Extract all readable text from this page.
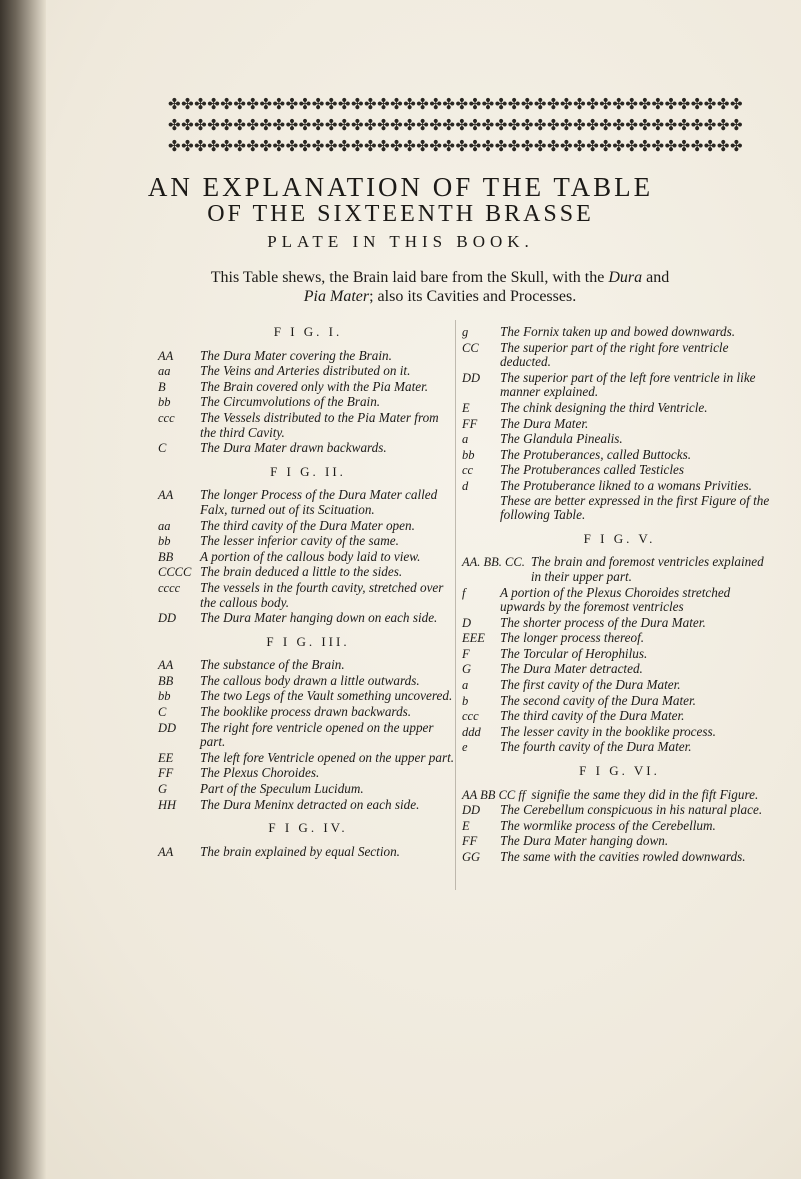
✤✤✤✤✤✤✤✤✤✤✤✤✤✤✤✤✤✤✤✤✤✤✤✤✤✤✤✤✤✤✤✤✤✤✤✤✤✤✤✤✤✤✤✤
✤✤✤✤✤✤✤✤✤✤✤✤✤✤✤✤✤✤✤✤✤✤✤✤✤✤✤✤✤✤✤✤✤✤✤✤✤✤✤✤✤✤✤✤
✤✤✤✤✤✤✤✤✤✤✤✤✤✤✤✤✤✤✤✤✤✤✤✤✤✤✤✤✤✤✤✤✤✤✤✤✤✤✤✤✤✤✤✤
AN EXPLANATION OF THE TABLE
OF THE SIXTEENTH BRASSE
PLATE IN THIS BOOK.
This Table shews, the Brain laid bare from the Skull, with the Dura and
Pia Mater; also its Cavities and Processes.
F I G. I.
AA	The Dura Mater covering the Brain.
aa	The Veins and Arteries distributed on it.
B	The Brain covered only with the Pia Mater.
bb	The Circumvolutions of the Brain.
ccc	The Vessels distributed to the Pia Mater from the third Cavity.
C	The Dura Mater drawn backwards.
F I G. II.
AA	The longer Process of the Dura Mater called Falx, turned out of its Scituation.
aa	The third cavity of the Dura Mater open.
bb	The lesser inferior cavity of the same.
BB	A portion of the callous body laid to view.
CCCC The brain deduced a little to the sides.
cccc	The vessels in the fourth cavity, stretched over the callous body.
DD	The Dura Mater hanging down on each side.
F I G. III.
AA	The substance of the Brain.
BB	The callous body drawn a little outwards.
bb	The two Legs of the Vault something uncovered.
C	The booklike process drawn backwards.
DD	The right fore ventricle opened on the upper part.
EE	The left fore Ventricle opened on the upper part.
FF	The Plexus Choroides.
G	Part of the Speculum Lucidum.
HH	The Dura Meninx detracted on each side.
F I G. IV.
AA	The brain explained by equal Section.
g	The Fornix taken up and bowed downwards.
CC	The superior part of the right fore ventricle deducted.
DD	The superior part of the left fore ventricle in like manner explained.
E	The chink designing the third Ventricle.
FF	The Dura Mater.
a	The Glandula Pinealis.
bb	The Protuberances, called Buttocks.
cc	The Protuberances called Testicles
d	The Protuberance likned to a womans Privities. These are better expressed in the first Figure of the following Table.
F I G. V.
AA. BB. CC. The brain and foremost ventricles explained in their upper part.
f	A portion of the Plexus Choroides stretched upwards by the foremost ventricles
D	The shorter process of the Dura Mater.
EEE	The longer process thereof.
F	The Torcular of Herophilus.
G	The Dura Mater detracted.
a	The first cavity of the Dura Mater.
b	The second cavity of the Dura Mater.
ccc	The third cavity of the Dura Mater.
ddd	The lesser cavity in the booklike process.
e	The fourth cavity of the Dura Mater.
F I G. VI.
AA BB CC ff signifie the same they did in the fift Figure.
DD	The Cerebellum conspicuous in his natural place.
E	The wormlike process of the Cerebellum.
FF	The Dura Mater hanging down.
GG	The same with the cavities rowled downwards.
